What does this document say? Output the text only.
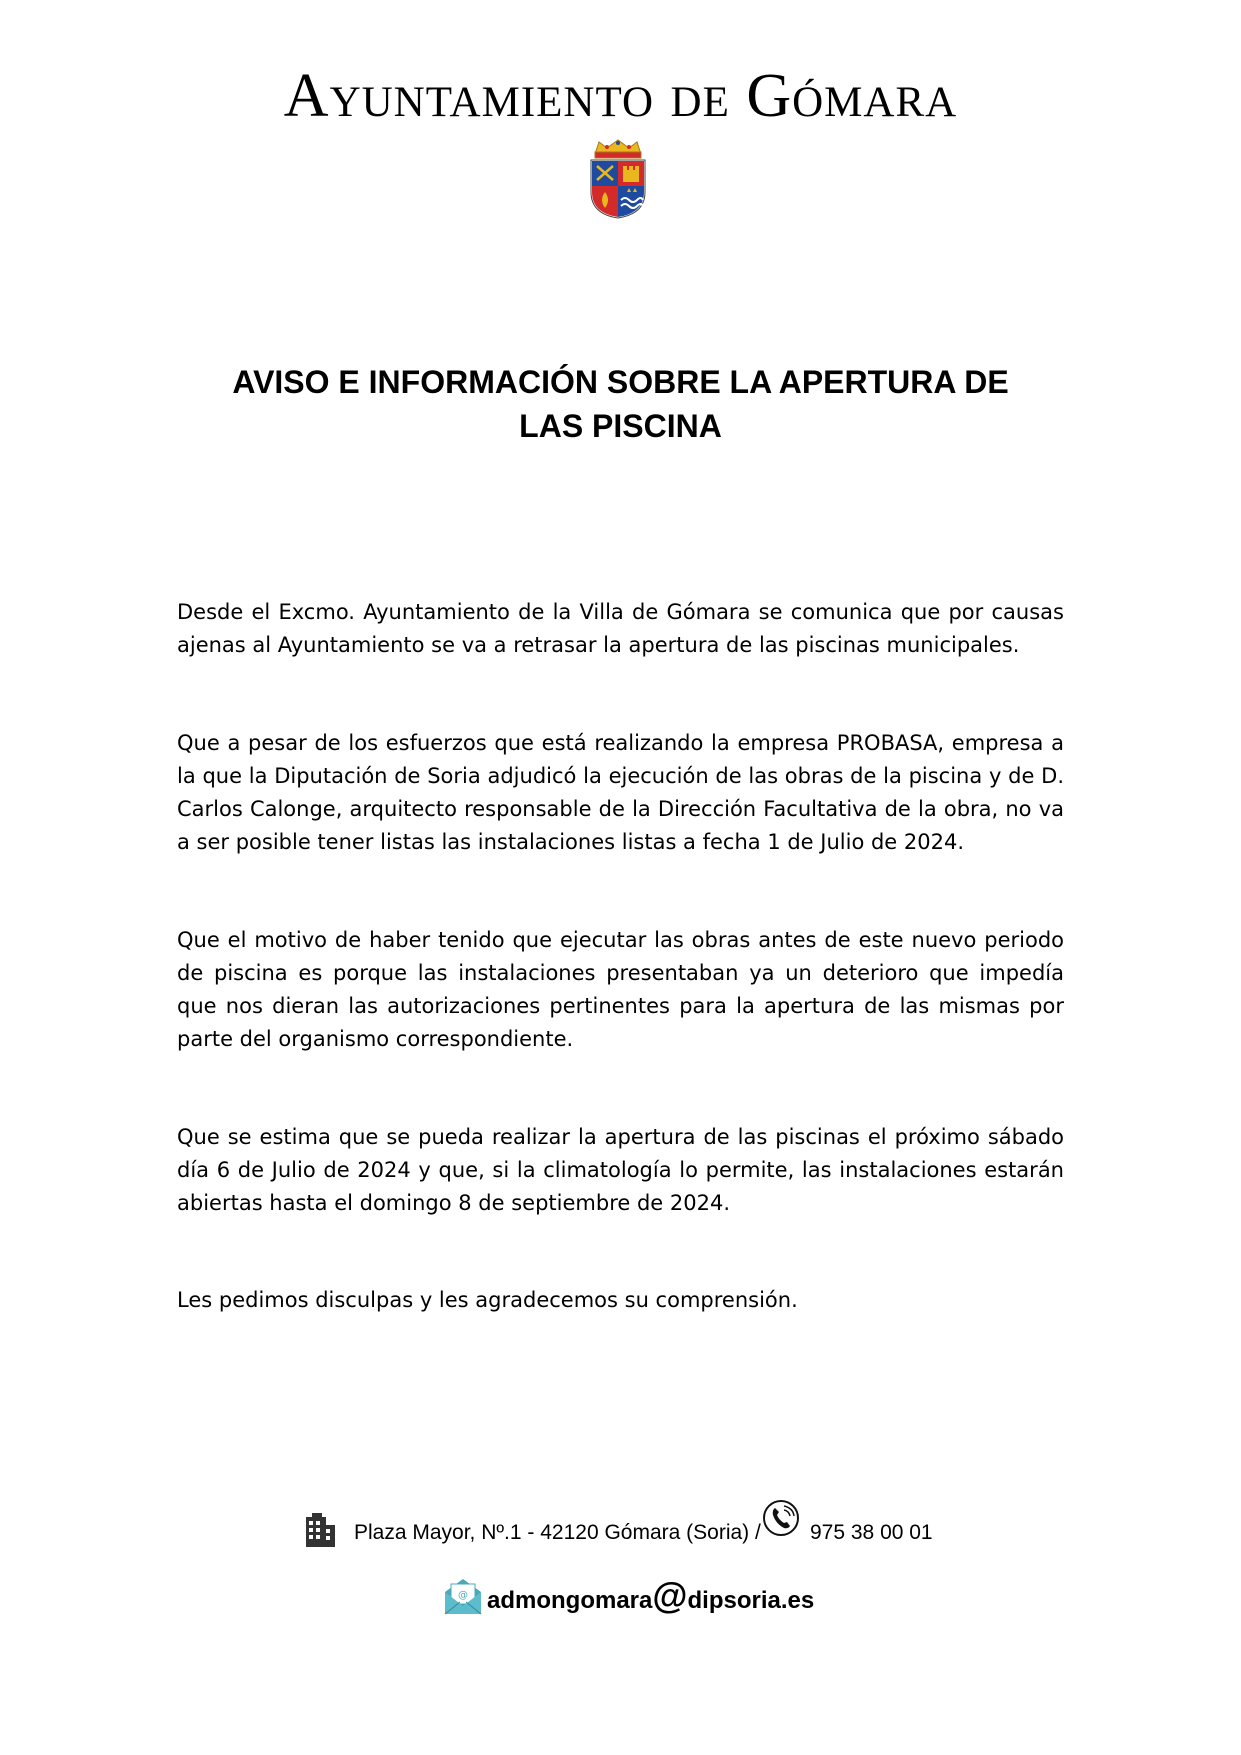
Ayuntamiento de Gómara
AVISO E INFORMACIÓN SOBRE LA APERTURA DE
LAS PISCINA

Desde el Excmo. Ayuntamiento de la Villa de Gómara se comunica que por causas ajenas al Ayuntamiento se va a retrasar la apertura de las piscinas municipales.

Que a pesar de los esfuerzos que está realizando la empresa PROBASA, empresa a la que la Diputación de Soria adjudicó la ejecución de las obras de la piscina y de D. Carlos Calonge, arquitecto responsable de la Dirección Facultativa de la obra, no va a ser posible tener listas las instalaciones listas a fecha 1 de Julio de 2024.

Que el motivo de haber tenido que ejecutar las obras antes de este nuevo periodo de piscina es porque las instalaciones presentaban ya un deterioro que impedía que nos dieran las autorizaciones pertinentes para la apertura de las mismas por parte del organismo correspondiente.

Que se estima que se pueda realizar la apertura de las piscinas el próximo sábado día 6 de Julio de 2024 y que, si la climatología lo permite, las instalaciones estarán abiertas hasta el domingo 8 de septiembre de 2024.

Les pedimos disculpas y les agradecemos su comprensión.

Plaza Mayor, Nº.1 - 42120 Gómara (Soria) / 975 38 00 01
@ admongomara@dipsoria.es
